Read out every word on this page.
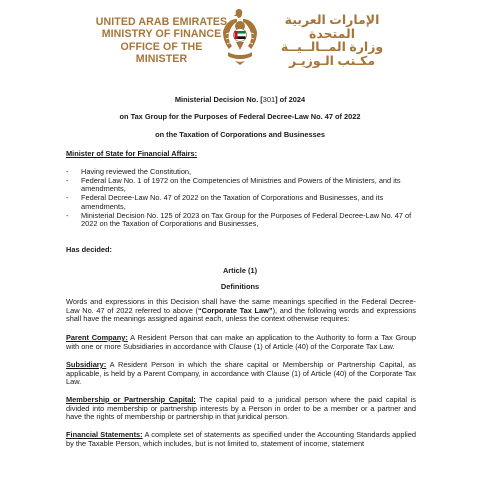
UNITED ARAB EMIRATES
MINISTRY OF FINANCE
OFFICE OF THE MINISTER
الإمارات العربية المتحدة
وزارة المــالــيــة
مكـتب الـوزيـر
Ministerial Decision No. [301] of 2024
on Tax Group for the Purposes of Federal Decree-Law No. 47 of 2022
on the Taxation of Corporations and Businesses
Minister of State for Financial Affairs:
- Having reviewed the Constitution,
- Federal Law No. 1 of 1972 on the Competencies of Ministries and Powers of the Ministers, and its amendments,
- Federal Decree-Law No. 47 of 2022 on the Taxation of Corporations and Businesses, and its amendments,
- Ministerial Decision No. 125 of 2023 on Tax Group for the Purposes of Federal Decree-Law No. 47 of 2022 on the Taxation of Corporations and Businesses,
Has decided:
Article (1)
Definitions
Words and expressions in this Decision shall have the same meanings specified in the Federal Decree-Law No. 47 of 2022 referred to above (“Corporate Tax Law”), and the following words and expressions shall have the meanings assigned against each, unless the context otherwise requires:
Parent Company: A Resident Person that can make an application to the Authority to form a Tax Group with one or more Subsidiaries in accordance with Clause (1) of Article (40) of the Corporate Tax Law.
Subsidiary: A Resident Person in which the share capital or Membership or Partnership Capital, as applicable, is held by a Parent Company, in accordance with Clause (1) of Article (40) of the Corporate Tax Law.
Membership or Partnership Capital: The capital paid to a juridical person where the paid capital is divided into membership or partnership interests by a Person in order to be a member or a partner and have the rights of membership or partnership in that juridical person.
Financial Statements: A complete set of statements as specified under the Accounting Standards applied by the Taxable Person, which includes, but is not limited to, statement of income, statement
